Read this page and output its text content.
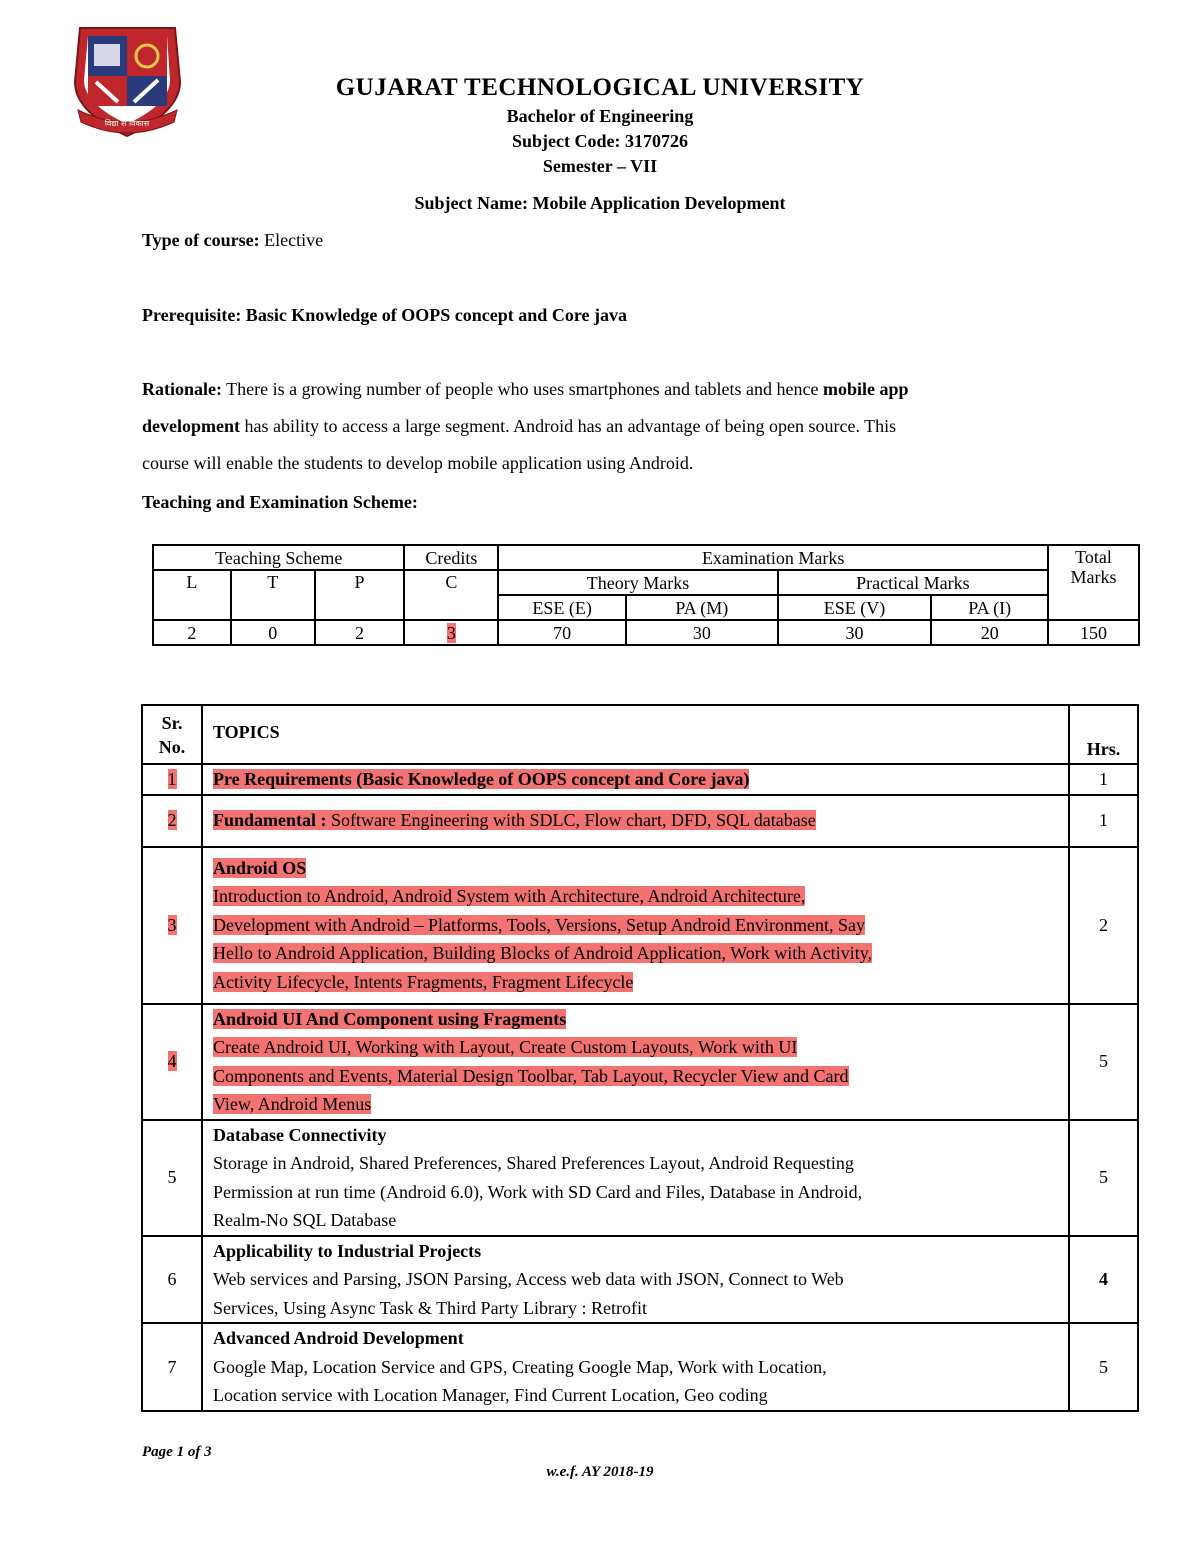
विद्या से विकास
GUJARAT TECHNOLOGICAL UNIVERSITY
Bachelor of Engineering
Subject Code: 3170726
Semester – VII
Subject Name: Mobile Application Development
Type of course: Elective
Prerequisite: Basic Knowledge of OOPS concept and Core java
Rationale: There is a growing number of people who uses smartphones and tablets and hence mobile app
development has ability to access a large segment. Android has an advantage of being open source. This
course will enable the students to develop mobile application using Android.
Teaching and Examination Scheme:
Teaching Scheme			Credits	Examination Marks				Total
Marks
L	T	P	C	Theory Marks		Practical Marks		
				ESE (E)	PA (M)	ESE (V)	PA (I)	
2	0	2	3	70	30	30	20	150
Sr.
No.	TOPICS	Hrs.
1	Pre Requirements (Basic Knowledge of OOPS concept and Core java)	1
2	Fundamental : Software Engineering with SDLC, Flow chart, DFD, SQL database	1
3	Android OS
Introduction to Android, Android System with Architecture, Android Architecture,
Development with Android – Platforms, Tools, Versions, Setup Android Environment, Say
Hello to Android Application, Building Blocks of Android Application, Work with Activity,
Activity Lifecycle, Intents Fragments, Fragment Lifecycle	2
4	Android UI And Component using Fragments
Create Android UI, Working with Layout, Create Custom Layouts, Work with UI
Components and Events, Material Design Toolbar, Tab Layout, Recycler View and Card
View, Android Menus	5
5	Database Connectivity
Storage in Android, Shared Preferences, Shared Preferences Layout, Android Requesting
Permission at run time (Android 6.0), Work with SD Card and Files, Database in Android,
Realm-No SQL Database	5
6	Applicability to Industrial Projects
Web services and Parsing, JSON Parsing, Access web data with JSON, Connect to Web
Services, Using Async Task & Third Party Library : Retrofit	4
7	Advanced Android Development
Google Map, Location Service and GPS, Creating Google Map, Work with Location,
Location service with Location Manager, Find Current Location, Geo coding	5
Page 1 of 3
w.e.f. AY 2018-19
